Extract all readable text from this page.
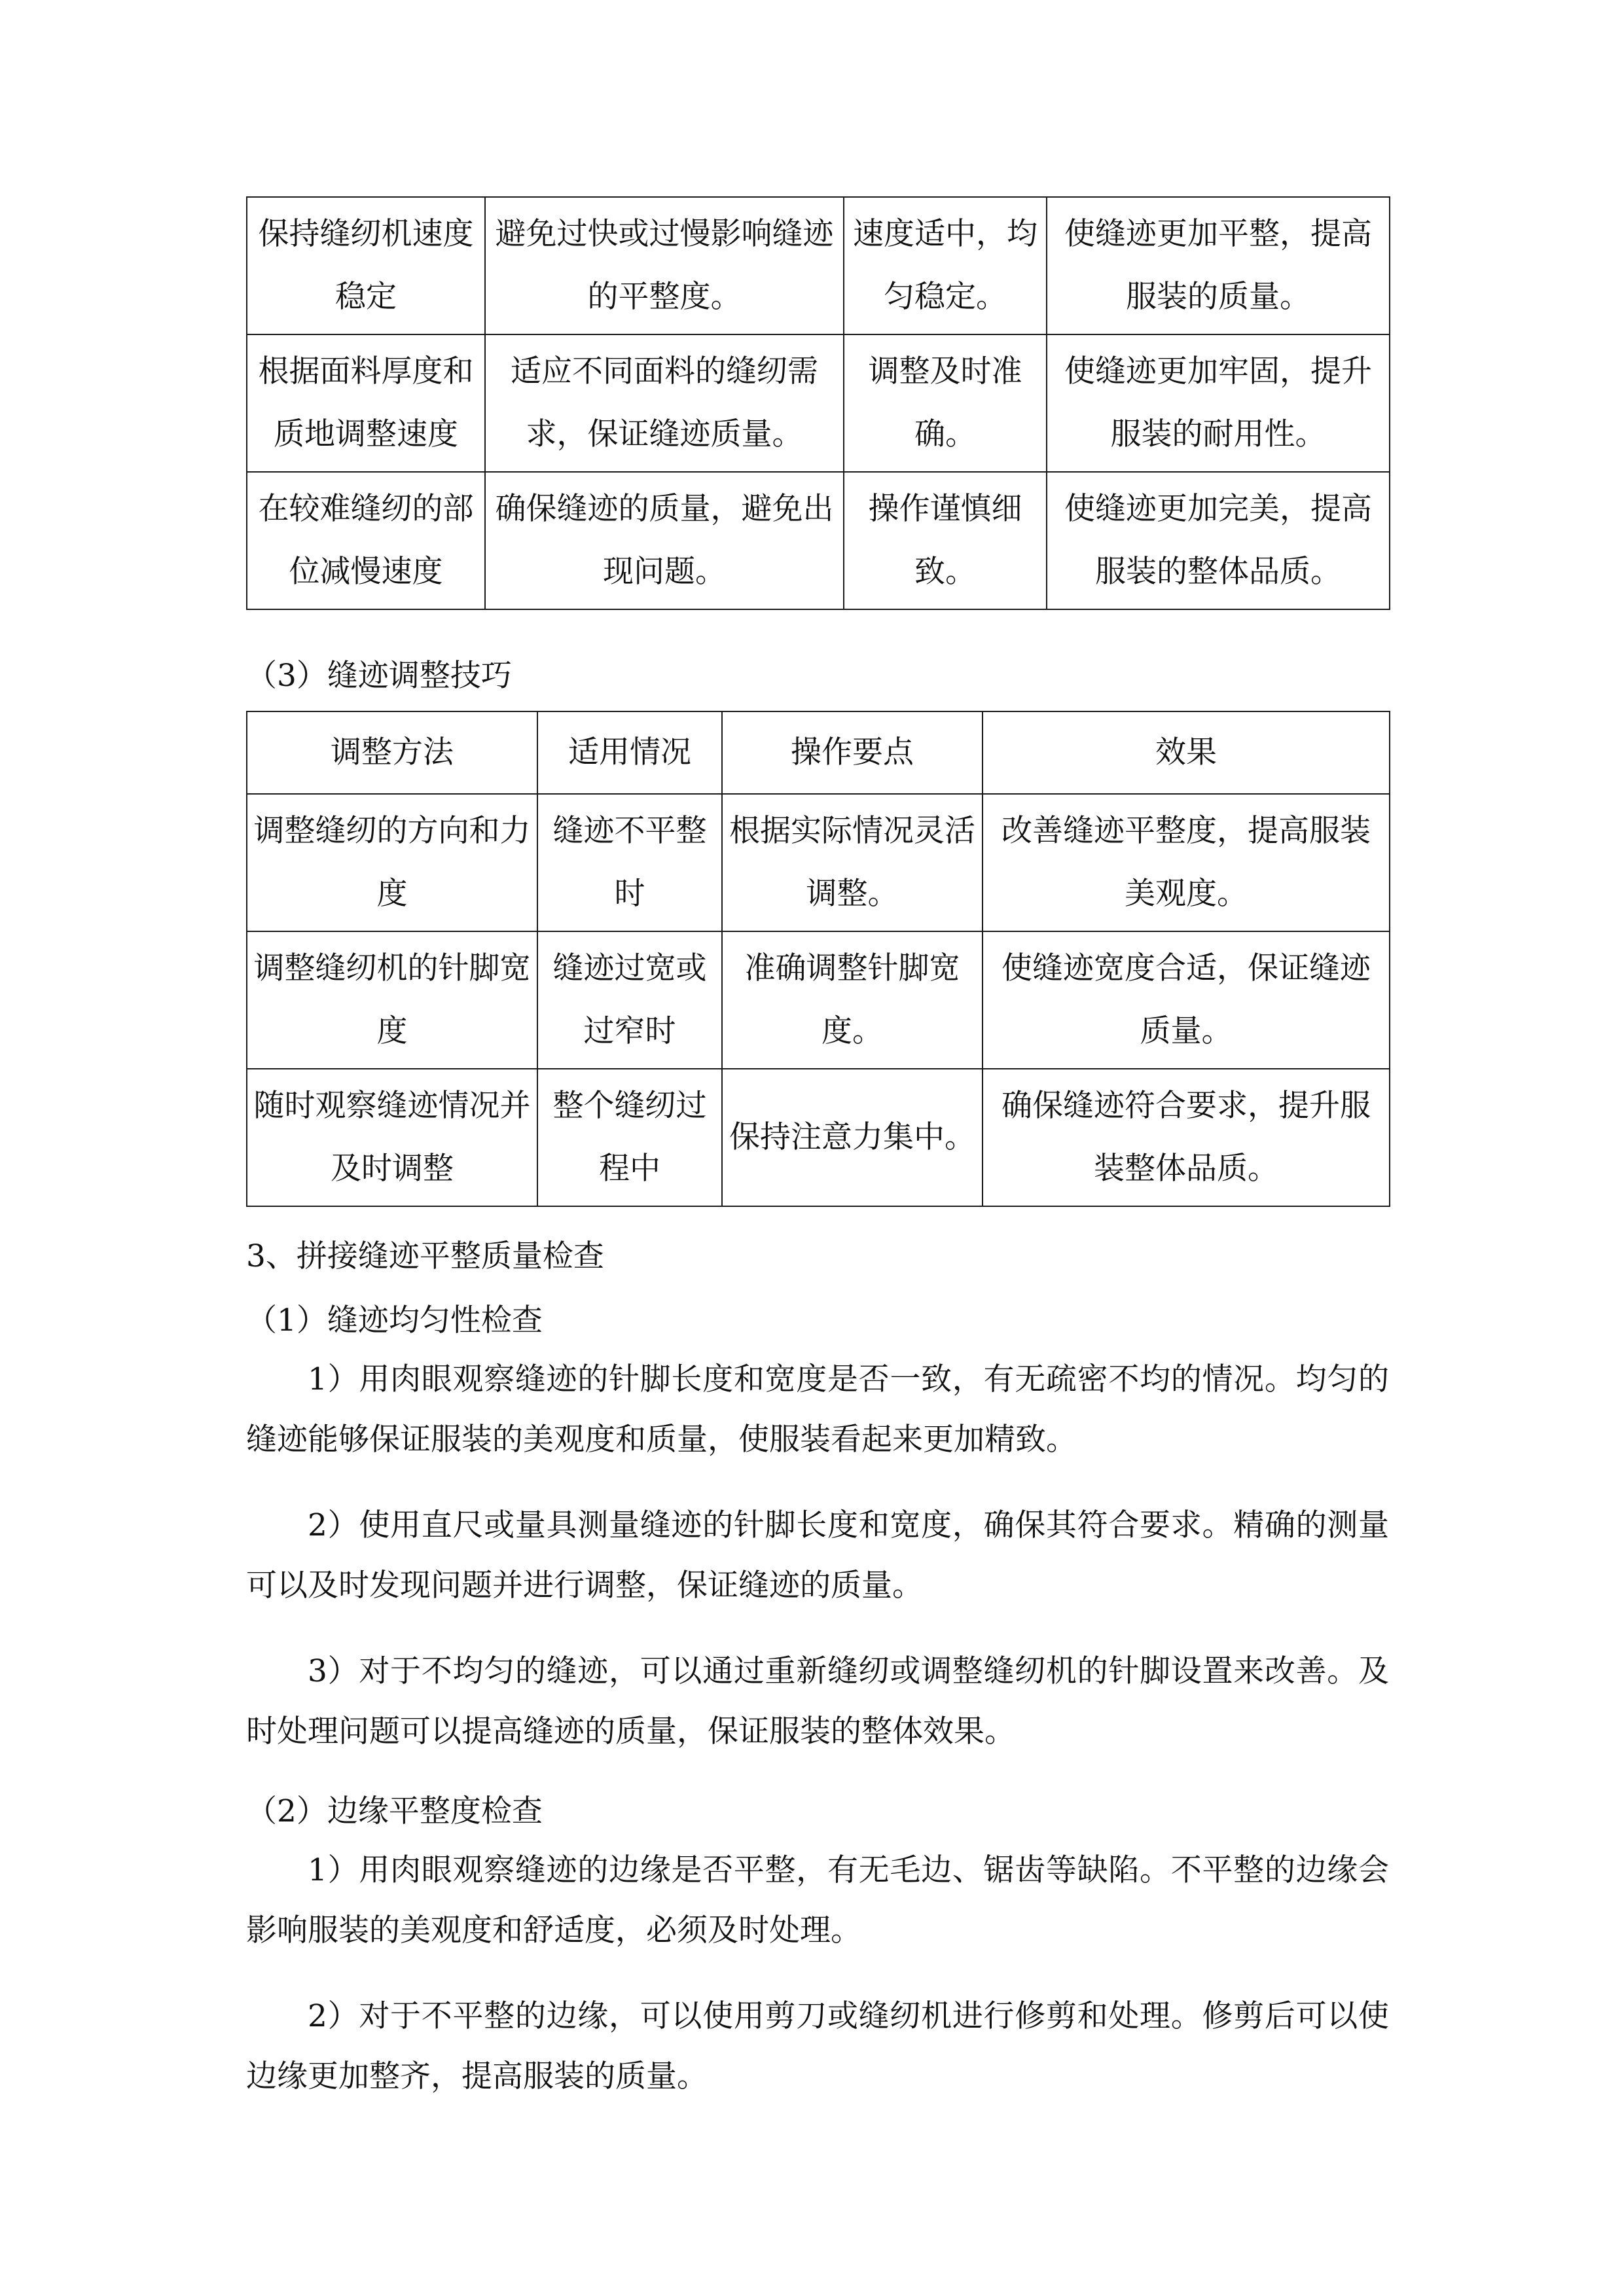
保持缝纫机速度稳定	避免过快或过慢影响缝迹的平整度。	速度适中，均匀稳定。	使缝迹更加平整，提高服装的质量。
根据面料厚度和质地调整速度	适应不同面料的缝纫需求，保证缝迹质量。	调整及时准确。	使缝迹更加牢固，提升服装的耐用性。
在较难缝纫的部位减慢速度	确保缝迹的质量，避免出现问题。	操作谨慎细致。	使缝迹更加完美，提高服装的整体品质。
（3）缝迹调整技巧
调整方法	适用情况	操作要点	效果
调整缝纫的方向和力度	缝迹不平整时	根据实际情况灵活调整。	改善缝迹平整度，提高服装美观度。
调整缝纫机的针脚宽度	缝迹过宽或过窄时	准确调整针脚宽度。	使缝迹宽度合适，保证缝迹质量。
随时观察缝迹情况并及时调整	整个缝纫过程中	保持注意力集中。	确保缝迹符合要求，提升服装整体品质。
3、拼接缝迹平整质量检查
（1）缝迹均匀性检查

1）用肉眼观察缝迹的针脚长度和宽度是否一致，有无疏密不均的情况。均匀的缝迹能够保证服装的美观度和质量，使服装看起来更加精致。

2）使用直尺或量具测量缝迹的针脚长度和宽度，确保其符合要求。精确的测量可以及时发现问题并进行调整，保证缝迹的质量。

3）对于不均匀的缝迹，可以通过重新缝纫或调整缝纫机的针脚设置来改善。及时处理问题可以提高缝迹的质量，保证服装的整体效果。

（2）边缘平整度检查

1）用肉眼观察缝迹的边缘是否平整，有无毛边、锯齿等缺陷。不平整的边缘会影响服装的美观度和舒适度，必须及时处理。

2）对于不平整的边缘，可以使用剪刀或缝纫机进行修剪和处理。修剪后可以使边缘更加整齐，提高服装的质量。
